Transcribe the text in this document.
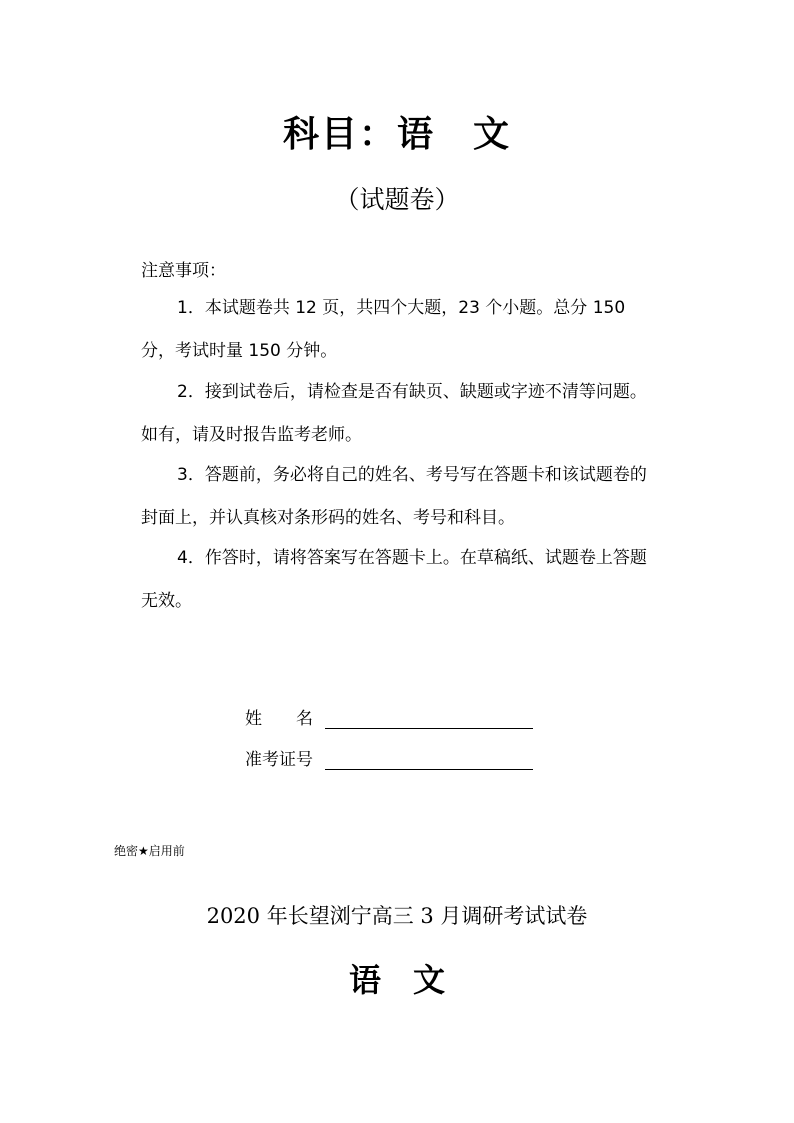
科目：语　文
（试题卷）
注意事项：
1．本试题卷共 12 页，共四个大题，23 个小题。总分 150 分，考试时量 150 分钟。
2．接到试卷后，请检查是否有缺页、缺题或字迹不清等问题。如有，请及时报告监考老师。
3．答题前，务必将自己的姓名、考号写在答题卡和该试题卷的封面上，并认真核对条形码的姓名、考号和科目。
4．作答时，请将答案写在答题卡上。在草稿纸、试题卷上答题无效。
姓　　名
准考证号
绝密★启用前
2020 年长望浏宁高三 3 月调研考试试卷
语　文
